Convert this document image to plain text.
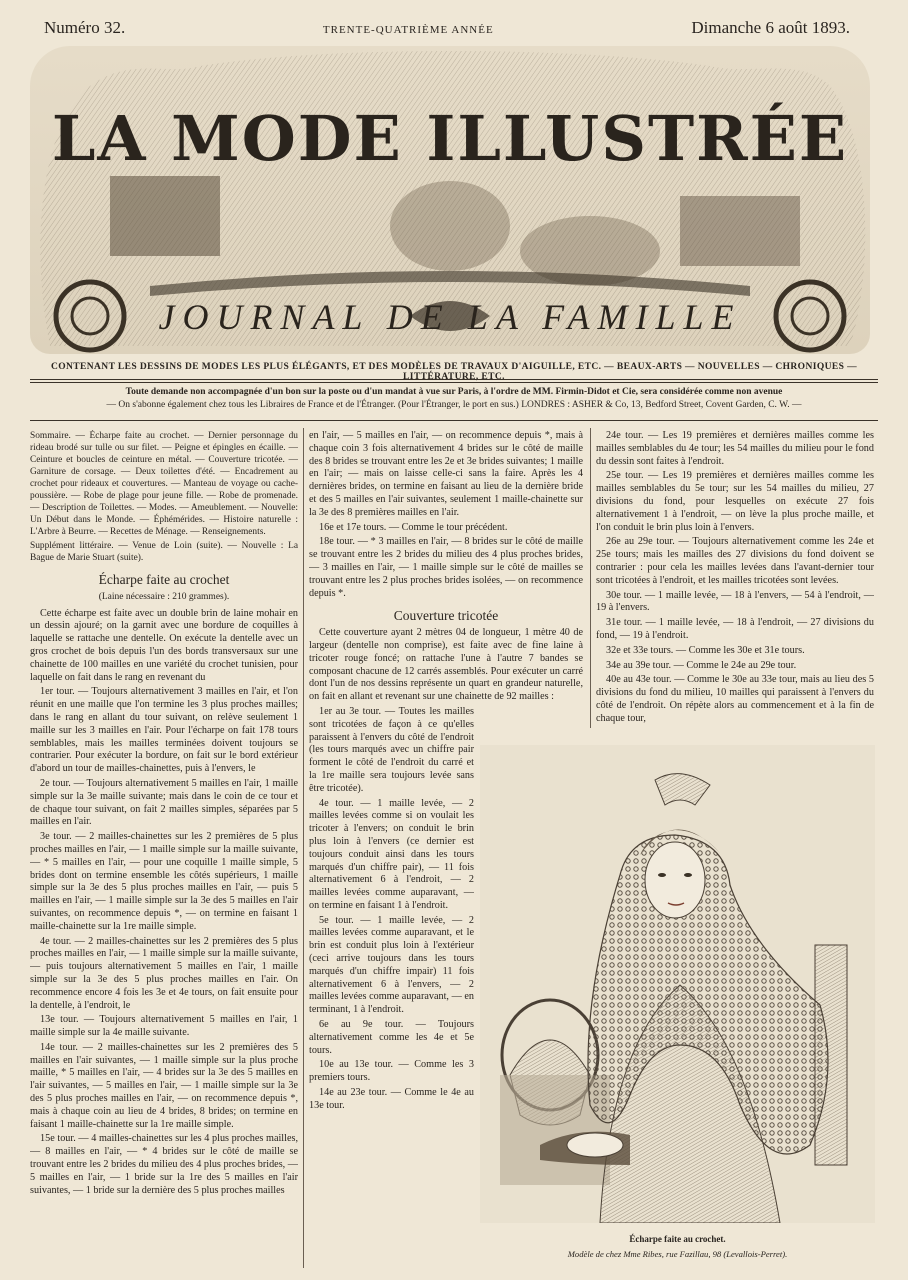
Numéro 32.	TRENTE-QUATRIÈME ANNÉE	Dimanche 6 août 1893.
LA MODE ILLUSTRÉE
JOURNAL DE LA FAMILLE
CONTENANT LES DESSINS DE MODES LES PLUS ÉLÉGANTS, ET DES MODÈLES DE TRAVAUX D'AIGUILLE, ETC. — BEAUX-ARTS — NOUVELLES — CHRONIQUES — LITTÉRATURE, ETC.
Toute demande non accompagnée d'un bon sur la poste ou d'un mandat à vue sur Paris, à l'ordre de MM. Firmin-Didot et Cie, sera considérée comme non avenue
— On s'abonne également chez tous les Libraires de France et de l'Étranger. (Pour l'Étranger, le port en sus.) LONDRES : ASHER & Co, 13, Bedford Street, Covent Garden, C. W. —

Sommaire. — Écharpe faite au crochet. — Dernier personnage du rideau brodé sur tulle ou sur filet. — Peigne et épingles en écaille. — Ceinture et boucles de ceinture en métal. — Couverture tricotée. — Garniture de corsage. — Deux toilettes d'été. — Encadrement au crochet pour rideaux et couvertures. — Manteau de voyage ou cache-poussière. — Robe de plage pour jeune fille. — Robe de promenade. — Description de Toilettes. — Modes. — Ameublement. — Nouvelle: Un Début dans le Monde. — Éphémérides. — Histoire naturelle : L'Arbre à Beurre. — Recettes de Ménage. — Renseignements.

Supplément littéraire. — Venue de Loin (suite). — Nouvelle : La Bague de Marie Stuart (suite).

Écharpe faite au crochet
(Laine nécessaire : 210 grammes).

Cette écharpe est faite avec un double brin de laine mohair en un dessin ajouré; on la garnit avec une bordure de coquilles à laquelle se rattache une dentelle. On exécute la dentelle avec un gros crochet de bois depuis l'un des bords transversaux sur une chainette de 100 mailles en une variété du crochet tunisien, pour laquelle on fait dans le rang en revenant du

1er tour. — Toujours alternativement 3 mailles en l'air, et l'on réunit en une maille que l'on termine les 3 plus proches mailles; dans le rang en allant du tour suivant, on relève seulement 1 maille sur les 3 mailles en l'air. Pour l'écharpe on fait 178 tours semblables, mais les mailles terminées doivent toujours se contrarier. Pour exécuter la bordure, on fait sur le bord extérieur d'abord un tour de mailles-chainettes, puis à l'envers, le

2e tour. — Toujours alternativement 5 mailles en l'air, 1 maille simple sur la 3e maille suivante; mais dans le coin de ce tour et de chaque tour suivant, on fait 2 mailles simples, séparées par 5 mailles en l'air.

3e tour. — 2 mailles-chainettes sur les 2 premières de 5 plus proches mailles en l'air, — 1 maille simple sur la maille suivante, — * 5 mailles en l'air, — pour une coquille 1 maille simple, 5 brides dont on termine ensemble les côtés supérieurs, 1 maille simple sur la 3e des 5 plus proches mailles en l'air, — puis 5 mailles en l'air, — 1 maille simple sur la 3e des 5 mailles en l'air suivantes, on recommence depuis *, — on termine en faisant 1 maille-chainette sur la 1re maille simple.

4e tour. — 2 mailles-chainettes sur les 2 premières des 5 plus proches mailles en l'air, — 1 maille simple sur la maille suivante, — puis toujours alternativement 5 mailles en l'air, 1 maille simple sur la 3e des 5 plus proches mailles en l'air. On recommence encore 4 fois les 3e et 4e tours, on fait ensuite pour la dentelle, à l'endroit, le

13e tour. — Toujours alternativement 5 mailles en l'air, 1 maille simple sur la 4e maille suivante.

14e tour. — 2 mailles-chainettes sur les 2 premières des 5 mailles en l'air suivantes, — 1 maille simple sur la plus proche maille, * 5 mailles en l'air, — 4 brides sur la 3e des 5 mailles en l'air suivantes, — 5 mailles en l'air, — 1 maille simple sur la 3e des 5 plus proches mailles en l'air, — on recommence depuis *, mais à chaque coin au lieu de 4 brides, 8 brides; on termine en faisant 1 maille-chainette sur la 1re maille simple.

15e tour. — 4 mailles-chainettes sur les 4 plus proches mailles, — 8 mailles en l'air, — * 4 brides sur le côté de maille se trouvant entre les 2 brides du milieu des 4 plus proches brides, — 5 mailles en l'air, — 1 bride sur la 1re des 5 mailles en l'air suivantes, — 1 bride sur la dernière des 5 plus proches mailles

en l'air, — 5 mailles en l'air, — on recommence depuis *, mais à chaque coin 3 fois alternativement 4 brides sur le côté de maille des 8 brides se trouvant entre les 2e et 3e brides suivantes; 1 maille en l'air; — mais on laisse celle-ci sans la faire. Après les 4 dernières brides, on termine en faisant au lieu de la dernière bride et des 5 mailles en l'air suivantes, seulement 1 maille-chainette sur la 3e des 8 premières mailles en l'air.

16e et 17e tours. — Comme le tour précédent.

18e tour. — * 3 mailles en l'air, — 8 brides sur le côté de maille se trouvant entre les 2 brides du milieu des 4 plus proches brides, — 3 mailles en l'air, — 1 maille simple sur le côté de mailles se trouvant entre les 2 plus proches brides isolées, — on recommence depuis *.

Couverture tricotée

Cette couverture ayant 2 mètres 04 de longueur, 1 mètre 40 de largeur (dentelle non comprise), est faite avec de fine laine à tricoter rouge foncé; on rattache l'une à l'autre 7 bandes se composant chacune de 12 carrés assemblés. Pour exécuter un carré dont l'un de nos dessins représente un quart en grandeur naturelle, on fait en allant et revenant sur une chainette de 92 mailles :

1er au 3e tour. — Toutes les mailles sont tricotées de façon à ce qu'elles paraissent à l'envers du côté de l'endroit (les tours marqués avec un chiffre pair forment le côté de l'endroit du carré et la 1re maille sera toujours levée sans être tricotée).

4e tour. — 1 maille levée, — 2 mailles levées comme si on voulait les tricoter à l'envers; on conduit le brin plus loin à l'envers (ce dernier est toujours conduit ainsi dans les tours marqués d'un chiffre pair), — 11 fois alternativement 6 à l'endroit, — 2 mailles levées comme auparavant, — on termine en faisant 1 à l'endroit.

5e tour. — 1 maille levée, — 2 mailles levées comme auparavant, et le brin est conduit plus loin à l'extérieur (ceci arrive toujours dans les tours marqués d'un chiffre impair) 11 fois alternativement 6 à l'envers, — 2 mailles levées comme auparavant, — en terminant, 1 à l'endroit.

6e au 9e tour. — Toujours alternativement comme les 4e et 5e tours.

10e au 13e tour. — Comme les 3 premiers tours.

14e au 23e tour. — Comme le 4e au 13e tour.

24e tour. — Les 19 premières et dernières mailles comme les mailles semblables du 4e tour; les 54 mailles du milieu pour le fond du dessin sont faites à l'endroit.

25e tour. — Les 19 premières et dernières mailles comme les mailles semblables du 5e tour; sur les 54 mailles du milieu, 27 divisions du fond, pour lesquelles on exécute 27 fois alternativement 1 à l'endroit, — on lève la plus proche maille, et l'on conduit le brin plus loin à l'envers.

26e au 29e tour. — Toujours alternativement comme les 24e et 25e tours; mais les mailles des 27 divisions du fond doivent se contrarier : pour cela les mailles levées dans l'avant-dernier tour sont tricotées à l'endroit, et les mailles tricotées sont levées.

30e tour. — 1 maille levée, — 18 à l'envers, — 54 à l'endroit, — 19 à l'envers.

31e tour. — 1 maille levée, — 18 à l'endroit, — 27 divisions du fond, — 19 à l'endroit.

32e et 33e tours. — Comme les 30e et 31e tours.

34e au 39e tour. — Comme le 24e au 29e tour.

40e au 43e tour. — Comme le 30e au 33e tour, mais au lieu des 5 divisions du fond du milieu, 10 mailles qui paraissent à l'envers du côté de l'endroit. On répète alors au commencement et à la fin de chaque tour,

Écharpe faite au crochet.
Modèle de chez Mme Ribes, rue Fazillau, 98 (Levallois-Perret).
